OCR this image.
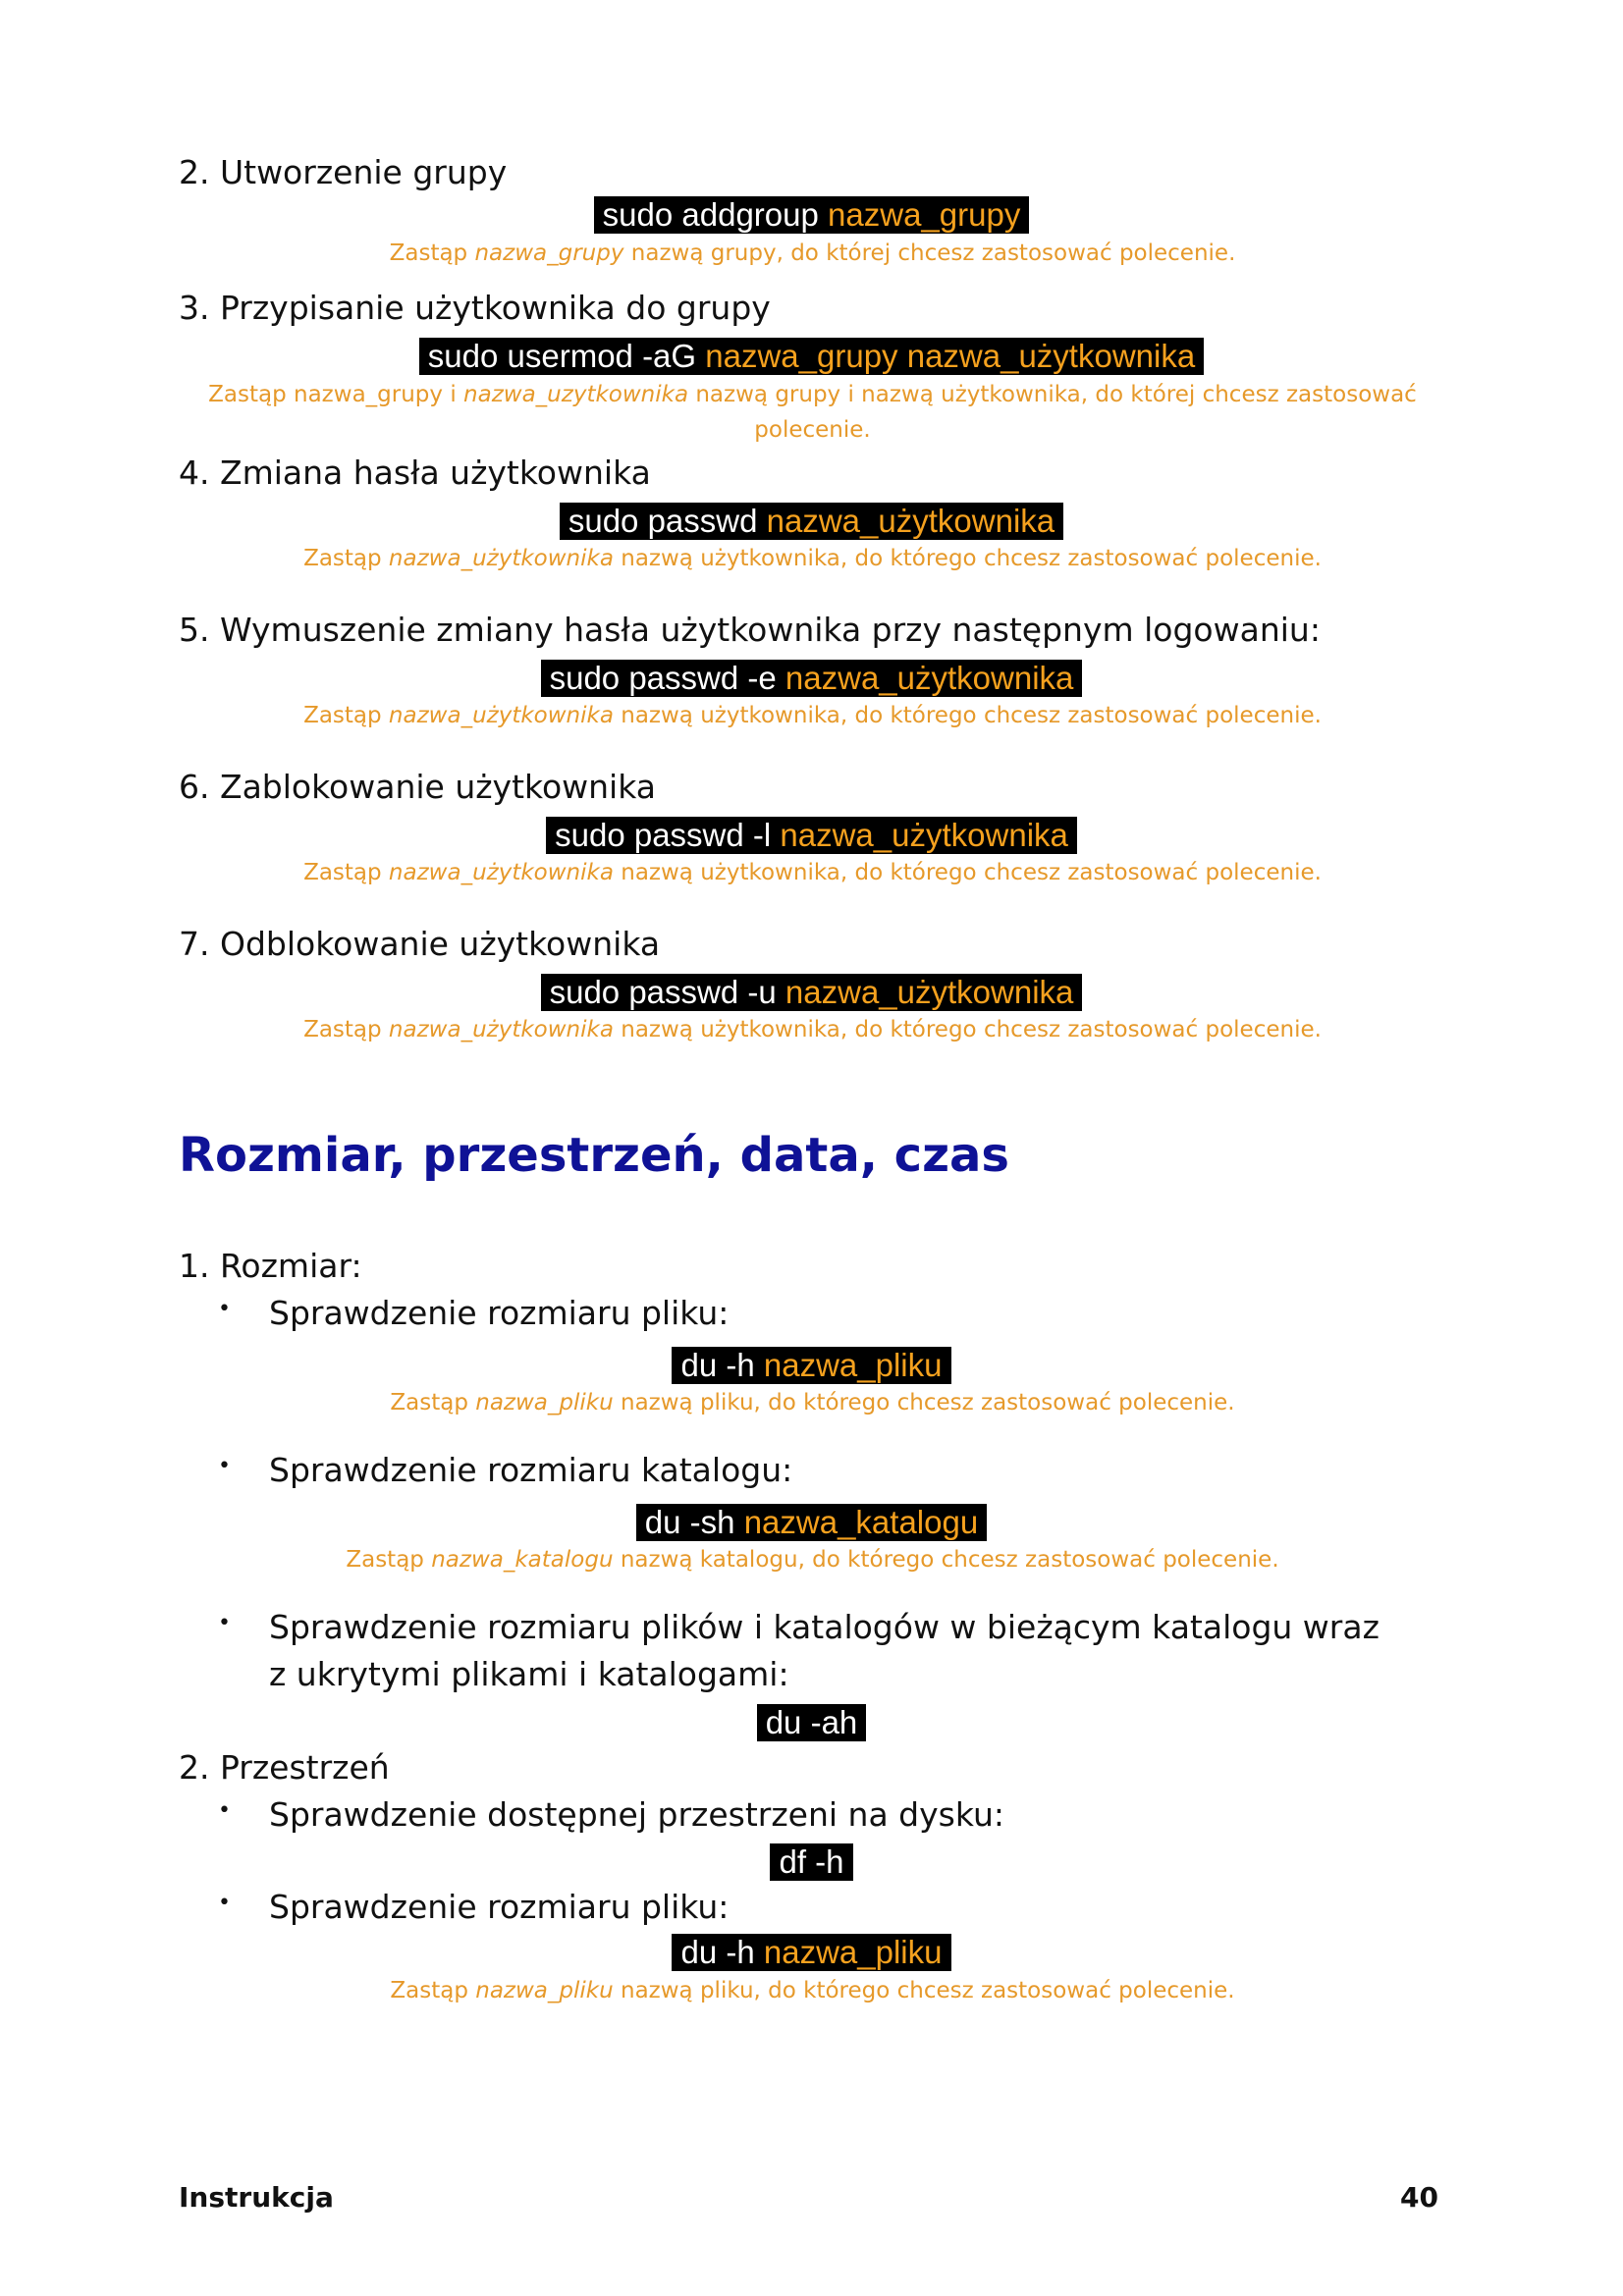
2. Utworzenie grupy
sudo addgroup nazwa_grupy
Zastąp nazwa_grupy nazwą grupy, do której chcesz zastosować polecenie.
3. Przypisanie użytkownika do grupy
sudo usermod -aG nazwa_grupy nazwa_użytkownika
Zastąp nazwa_grupy i nazwa_uzytkownika nazwą grupy i nazwą użytkownika, do której chcesz zastosować polecenie.
4. Zmiana hasła użytkownika
sudo passwd nazwa_użytkownika
Zastąp nazwa_użytkownika nazwą użytkownika, do którego chcesz zastosować polecenie.
5. Wymuszenie zmiany hasła użytkownika przy następnym logowaniu:
sudo passwd -e nazwa_użytkownika
Zastąp nazwa_użytkownika nazwą użytkownika, do którego chcesz zastosować polecenie.
6. Zablokowanie użytkownika
sudo passwd -l nazwa_użytkownika
Zastąp nazwa_użytkownika nazwą użytkownika, do którego chcesz zastosować polecenie.
7. Odblokowanie użytkownika
sudo passwd -u nazwa_użytkownika
Zastąp nazwa_użytkownika nazwą użytkownika, do którego chcesz zastosować polecenie.
Rozmiar, przestrzeń, data, czas
1. Rozmiar:
• Sprawdzenie rozmiaru pliku:
du -h nazwa_pliku
Zastąp nazwa_pliku nazwą pliku, do którego chcesz zastosować polecenie.
• Sprawdzenie rozmiaru katalogu:
du -sh nazwa_katalogu
Zastąp nazwa_katalogu nazwą katalogu, do którego chcesz zastosować polecenie.
• Sprawdzenie rozmiaru plików i katalogów w bieżącym katalogu wraz z ukrytymi plikami i katalogami:
du -ah
2. Przestrzeń
• Sprawdzenie dostępnej przestrzeni na dysku:
df -h
• Sprawdzenie rozmiaru pliku:
du -h nazwa_pliku
Zastąp nazwa_pliku nazwą pliku, do którego chcesz zastosować polecenie.
Instrukcja	40
